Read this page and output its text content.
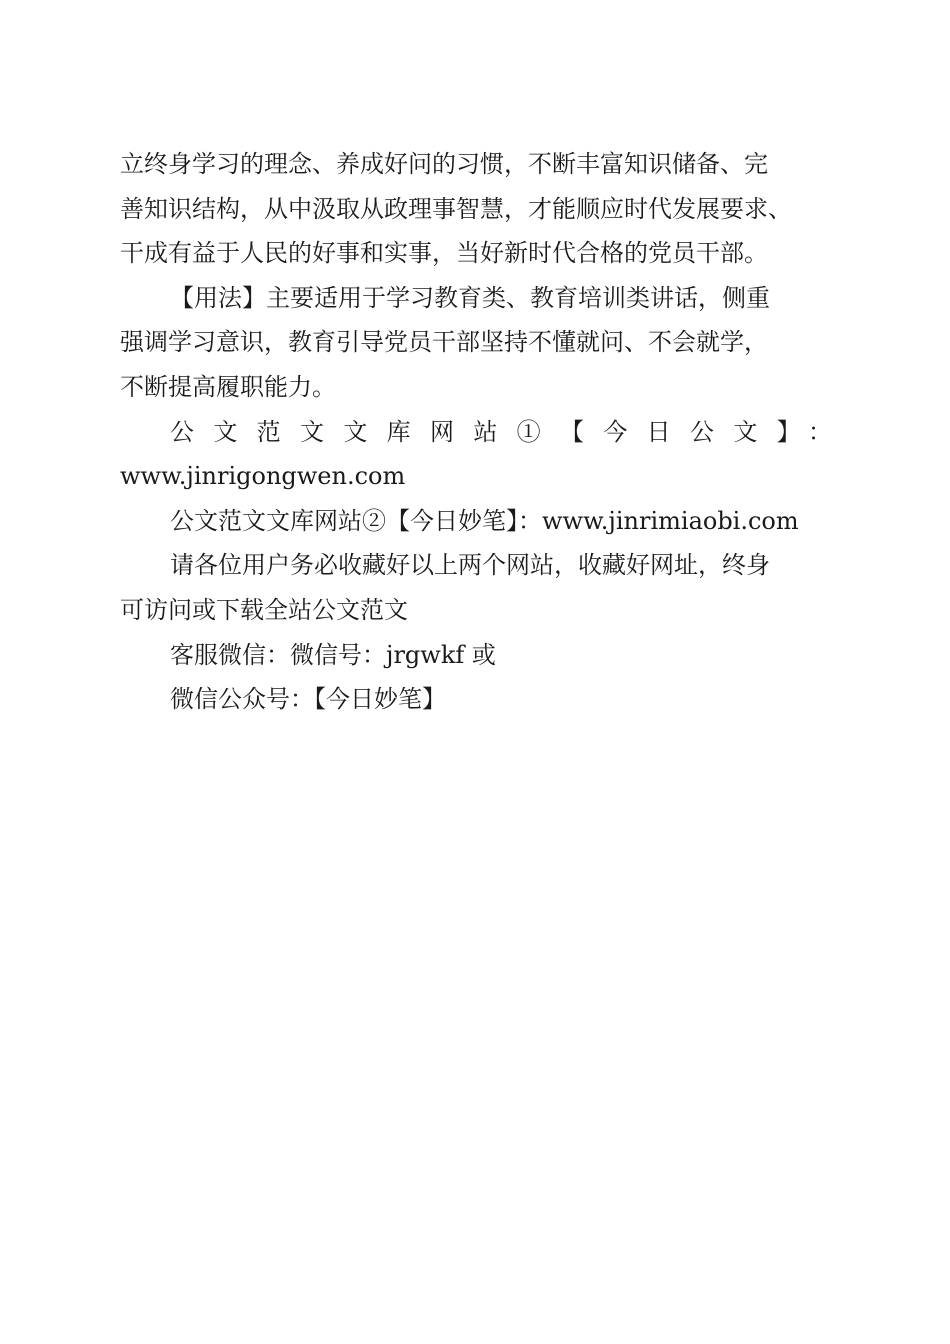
立终身学习的理念、养成好问的习惯，不断丰富知识储备、完
善知识结构，从中汲取从政理事智慧，才能顺应时代发展要求、
干成有益于人民的好事和实事，当好新时代合格的党员干部。
【用法】主要适用于学习教育类、教育培训类讲话，侧重
强调学习意识，教育引导党员干部坚持不懂就问、不会就学，
不断提高履职能力。
公文范文文库网站①【今日公文】：
www.jinrigongwen.com
公文范文文库网站②【今日妙笔】：www.jinrimiaobi.com
请各位用户务必收藏好以上两个网站，收藏好网址，终身
可访问或下载全站公文范文
客服微信：微信号：jrgwkf 或
微信公众号：【今日妙笔】
